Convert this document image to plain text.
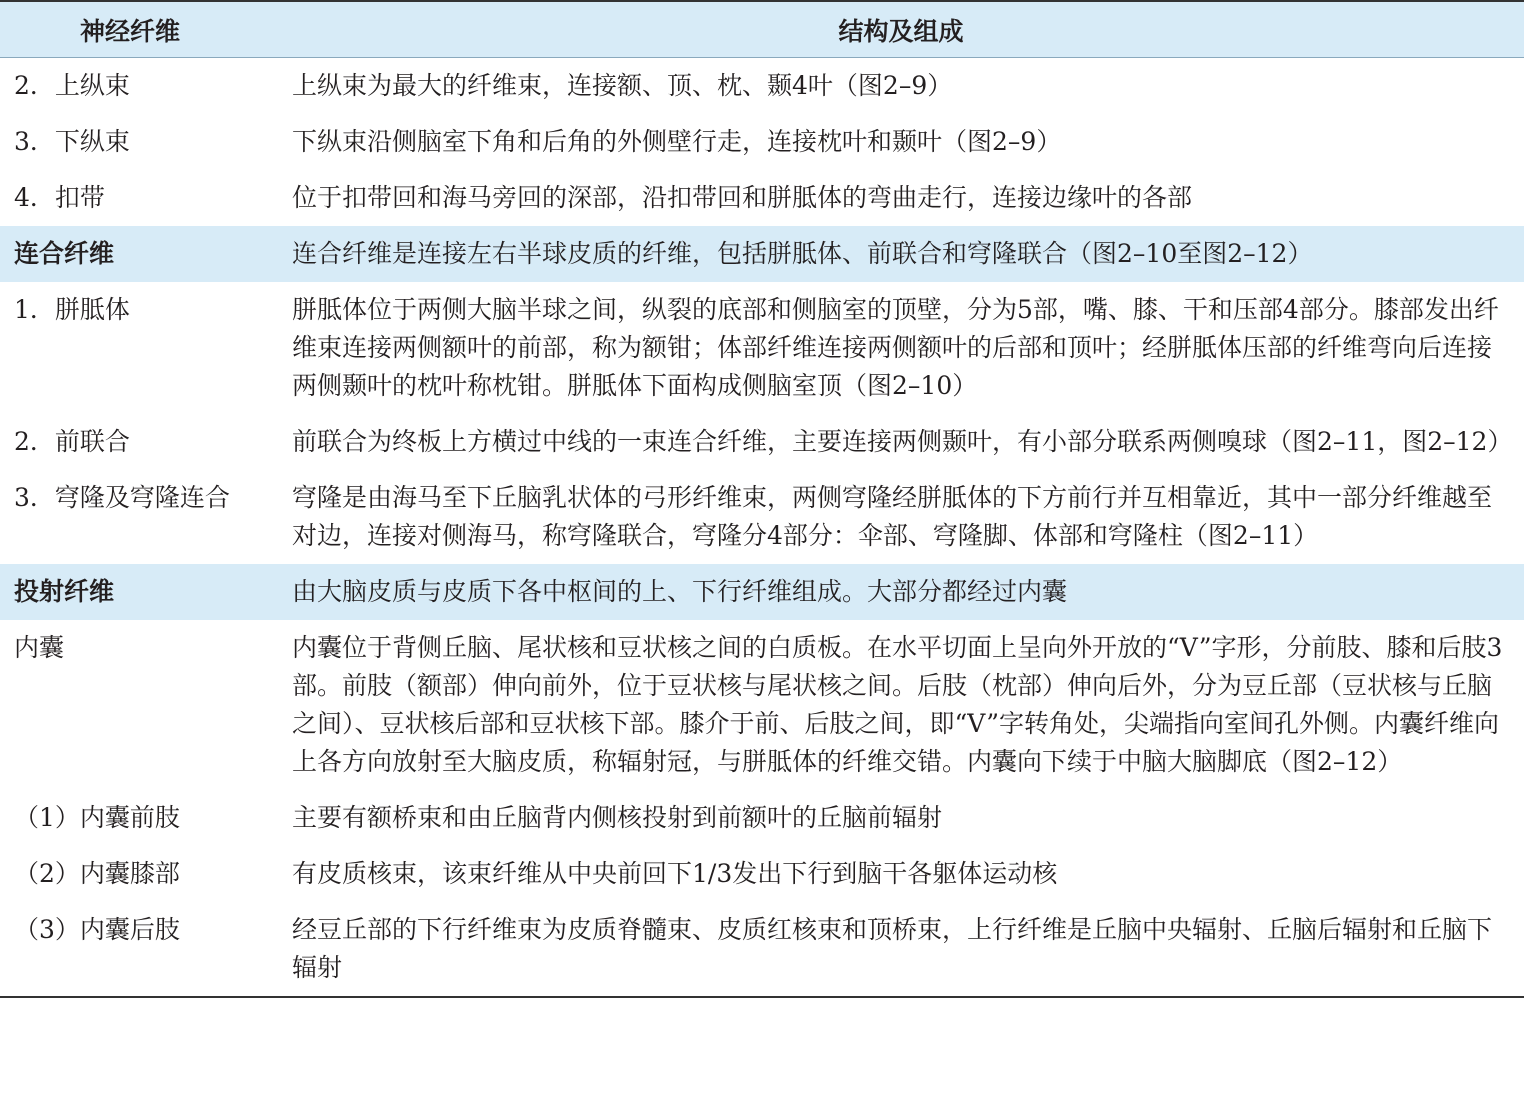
神经纤维	结构及组成
2．上纵束	上纵束为最大的纤维束，连接额、顶、枕、颞4叶（图2–9）
3．下纵束	下纵束沿侧脑室下角和后角的外侧壁行走，连接枕叶和颞叶（图2–9）
4．扣带	位于扣带回和海马旁回的深部，沿扣带回和胼胝体的弯曲走行，连接边缘叶的各部
连合纤维	连合纤维是连接左右半球皮质的纤维，包括胼胝体、前联合和穹隆联合（图2–10至图2–12）
1．胼胝体	胼胝体位于两侧大脑半球之间，纵裂的底部和侧脑室的顶壁，分为5部，嘴、膝、干和压部4部分。膝部发出纤维束连接两侧额叶的前部，称为额钳；体部纤维连接两侧额叶的后部和顶叶；经胼胝体压部的纤维弯向后连接两侧颞叶的枕叶称枕钳。胼胝体下面构成侧脑室顶（图2–10）
2．前联合	前联合为终板上方横过中线的一束连合纤维，主要连接两侧颞叶，有小部分联系两侧嗅球（图2–11，图2–12）
3．穹隆及穹隆连合	穹隆是由海马至下丘脑乳状体的弓形纤维束，两侧穹隆经胼胝体的下方前行并互相靠近，其中一部分纤维越至对边，连接对侧海马，称穹隆联合，穹隆分4部分：伞部、穹隆脚、体部和穹隆柱（图2–11）
投射纤维	由大脑皮质与皮质下各中枢间的上、下行纤维组成。大部分都经过内囊
内囊	内囊位于背侧丘脑、尾状核和豆状核之间的白质板。在水平切面上呈向外开放的“V”字形，分前肢、膝和后肢3部。前肢（额部）伸向前外，位于豆状核与尾状核之间。后肢（枕部）伸向后外，分为豆丘部（豆状核与丘脑之间）、豆状核后部和豆状核下部。膝介于前、后肢之间，即“V”字转角处，尖端指向室间孔外侧。内囊纤维向上各方向放射至大脑皮质，称辐射冠，与胼胝体的纤维交错。内囊向下续于中脑大脑脚底（图2–12）
（1）内囊前肢	主要有额桥束和由丘脑背内侧核投射到前额叶的丘脑前辐射
（2）内囊膝部	有皮质核束，该束纤维从中央前回下1/3发出下行到脑干各躯体运动核
（3）内囊后肢	经豆丘部的下行纤维束为皮质脊髓束、皮质红核束和顶桥束，上行纤维是丘脑中央辐射、丘脑后辐射和丘脑下辐射
